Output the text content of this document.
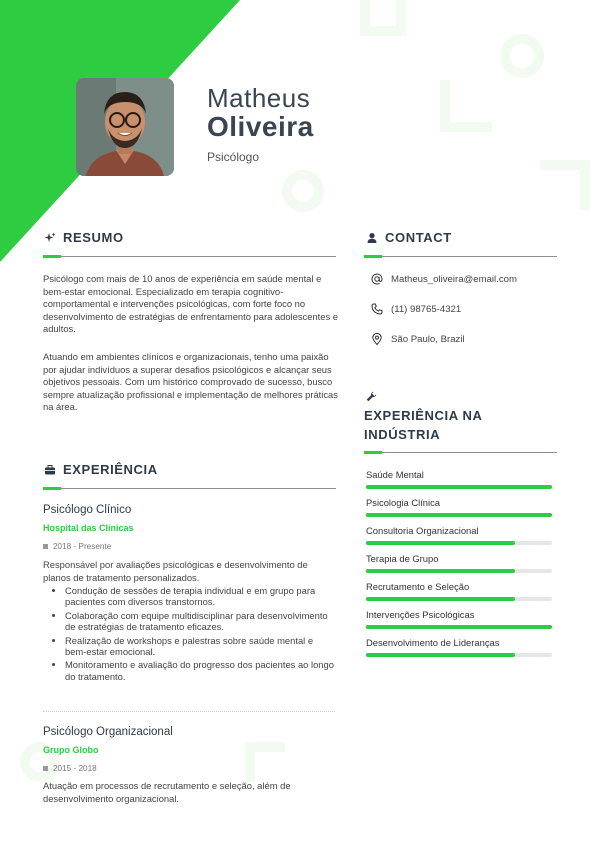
Matheus
Oliveira
Psicólogo
RESUMO

Psicólogo com mais de 10 anos de experiência em saúde mental e bem-estar emocional. Especializado em terapia cognitivo-comportamental e intervenções psicológicas, com forte foco no desenvolvimento de estratégias de enfrentamento para adolescentes e adultos.

Atuando em ambientes clínicos e organizacionais, tenho uma paixão por ajudar indivíduos a superar desafios psicológicos e alcançar seus objetivos pessoais. Com um histórico comprovado de sucesso, busco sempre atualização profissional e implementação de melhores práticas na área.

EXPERIÊNCIA
Psicólogo Clínico
Hospital das Clínicas
2018 - Presente

Responsável por avaliações psicológicas e desenvolvimento de planos de tratamento personalizados.

• Condução de sessões de terapia individual e em grupo para pacientes com diversos transtornos.
• Colaboração com equipe multidisciplinar para desenvolvimento de estratégias de tratamento eficazes.
• Realização de workshops e palestras sobre saúde mental e bem-estar emocional.
• Monitoramento e avaliação do progresso dos pacientes ao longo do tratamento.
Psicólogo Organizacional
Grupo Globo
2015 - 2018

Atuação em processos de recrutamento e seleção, além de desenvolvimento organizacional.

CONTACT
Matheus_oliveira@email.com
(11) 98765-4321
São Paulo, Brazil
EXPERIÊNCIA NA
INDÚSTRIA
Saúde Mental
Psicologia Clínica
Consultoria Organizacional
Terapia de Grupo
Recrutamento e Seleção
Intervenções Psicológicas
Desenvolvimento de Lideranças
